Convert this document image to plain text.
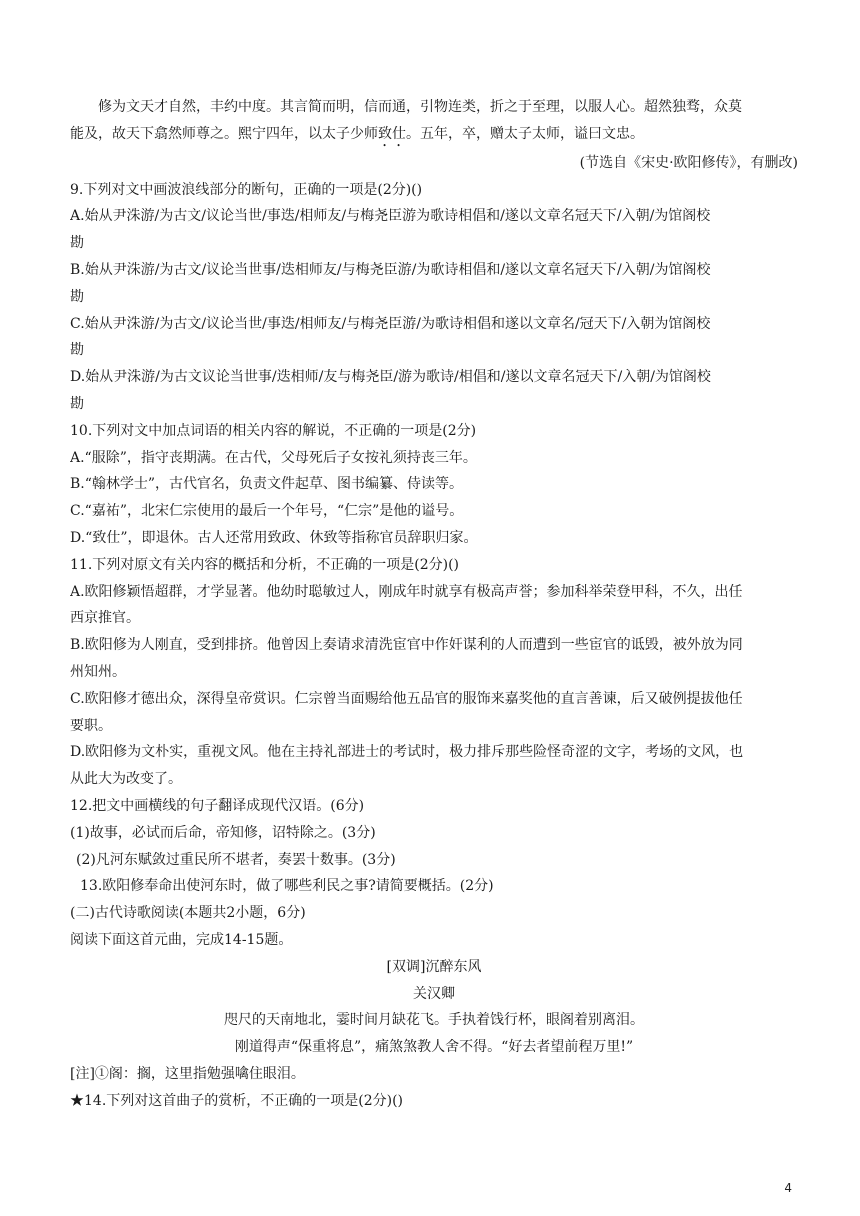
修为文天才自然，丰约中度。其言简而明，信而通，引物连类，折之于至理，以服人心。超然独骛，众莫

能及，故天下翕然师尊之。熙宁四年，以太子少师致仕。五年，卒，赠太子太师，谥曰文忠。

(节选自《宋史·欧阳修传》，有删改)

9.下列对文中画波浪线部分的断句，正确的一项是(2分)()

A.始从尹洙游/为古文/议论当世/事迭/相师友/与梅尧臣游为歌诗相倡和/遂以文章名冠天下/入朝/为馆阁校

勘

B.始从尹洙游/为古文/议论当世事/迭相师友/与梅尧臣游/为歌诗相倡和/遂以文章名冠天下/入朝/为馆阁校

勘

C.始从尹洙游/为古文/议论当世/事迭/相师友/与梅尧臣游/为歌诗相倡和遂以文章名/冠天下/入朝为馆阁校

勘

D.始从尹洙游/为古文议论当世事/迭相师/友与梅尧臣/游为歌诗/相倡和/遂以文章名冠天下/入朝/为馆阁校

勘

10.下列对文中加点词语的相关内容的解说，不正确的一项是(2分)

A.“服除”，指守丧期满。在古代，父母死后子女按礼须持丧三年。

B.“翰林学士”，古代官名，负责文件起草、图书编纂、侍读等。

C.“嘉祐”，北宋仁宗使用的最后一个年号，“仁宗”是他的谥号。

D.“致仕”，即退休。古人还常用致政、休致等指称官员辞职归家。

11.下列对原文有关内容的概括和分析，不正确的一项是(2分)()

A.欧阳修颖悟超群，才学显著。他幼时聪敏过人，刚成年时就享有极高声誉；参加科举荣登甲科，不久，出任

西京推官。

B.欧阳修为人刚直，受到排挤。他曾因上奏请求清洗宦官中作奸谋利的人而遭到一些宦官的诋毁，被外放为同

州知州。

C.欧阳修才德出众，深得皇帝赏识。仁宗曾当面赐给他五品官的服饰来嘉奖他的直言善谏，后又破例提拔他任

要职。

D.欧阳修为文朴实，重视文风。他在主持礼部进士的考试时，极力排斥那些险怪奇涩的文字，考场的文风，也

从此大为改变了。

12.把文中画横线的句子翻译成现代汉语。(6分)

(1)故事，必试而后命，帝知修，诏特除之。(3分)

(2)凡河东赋敛过重民所不堪者，奏罢十数事。(3分)

13.欧阳修奉命出使河东时，做了哪些利民之事?请简要概括。(2分)

(二)古代诗歌阅读(本题共2小题，6分)

阅读下面这首元曲，完成14-15题。

[双调]沉醉东风

关汉卿

咫尺的天南地北，霎时间月缺花飞。手执着饯行杯，眼阁着别离泪。

刚道得声“保重将息”，痛煞煞教人舍不得。“好去者望前程万里!”

[注]①阁：搁，这里指勉强噙住眼泪。

★14.下列对这首曲子的赏析，不正确的一项是(2分)()

4
